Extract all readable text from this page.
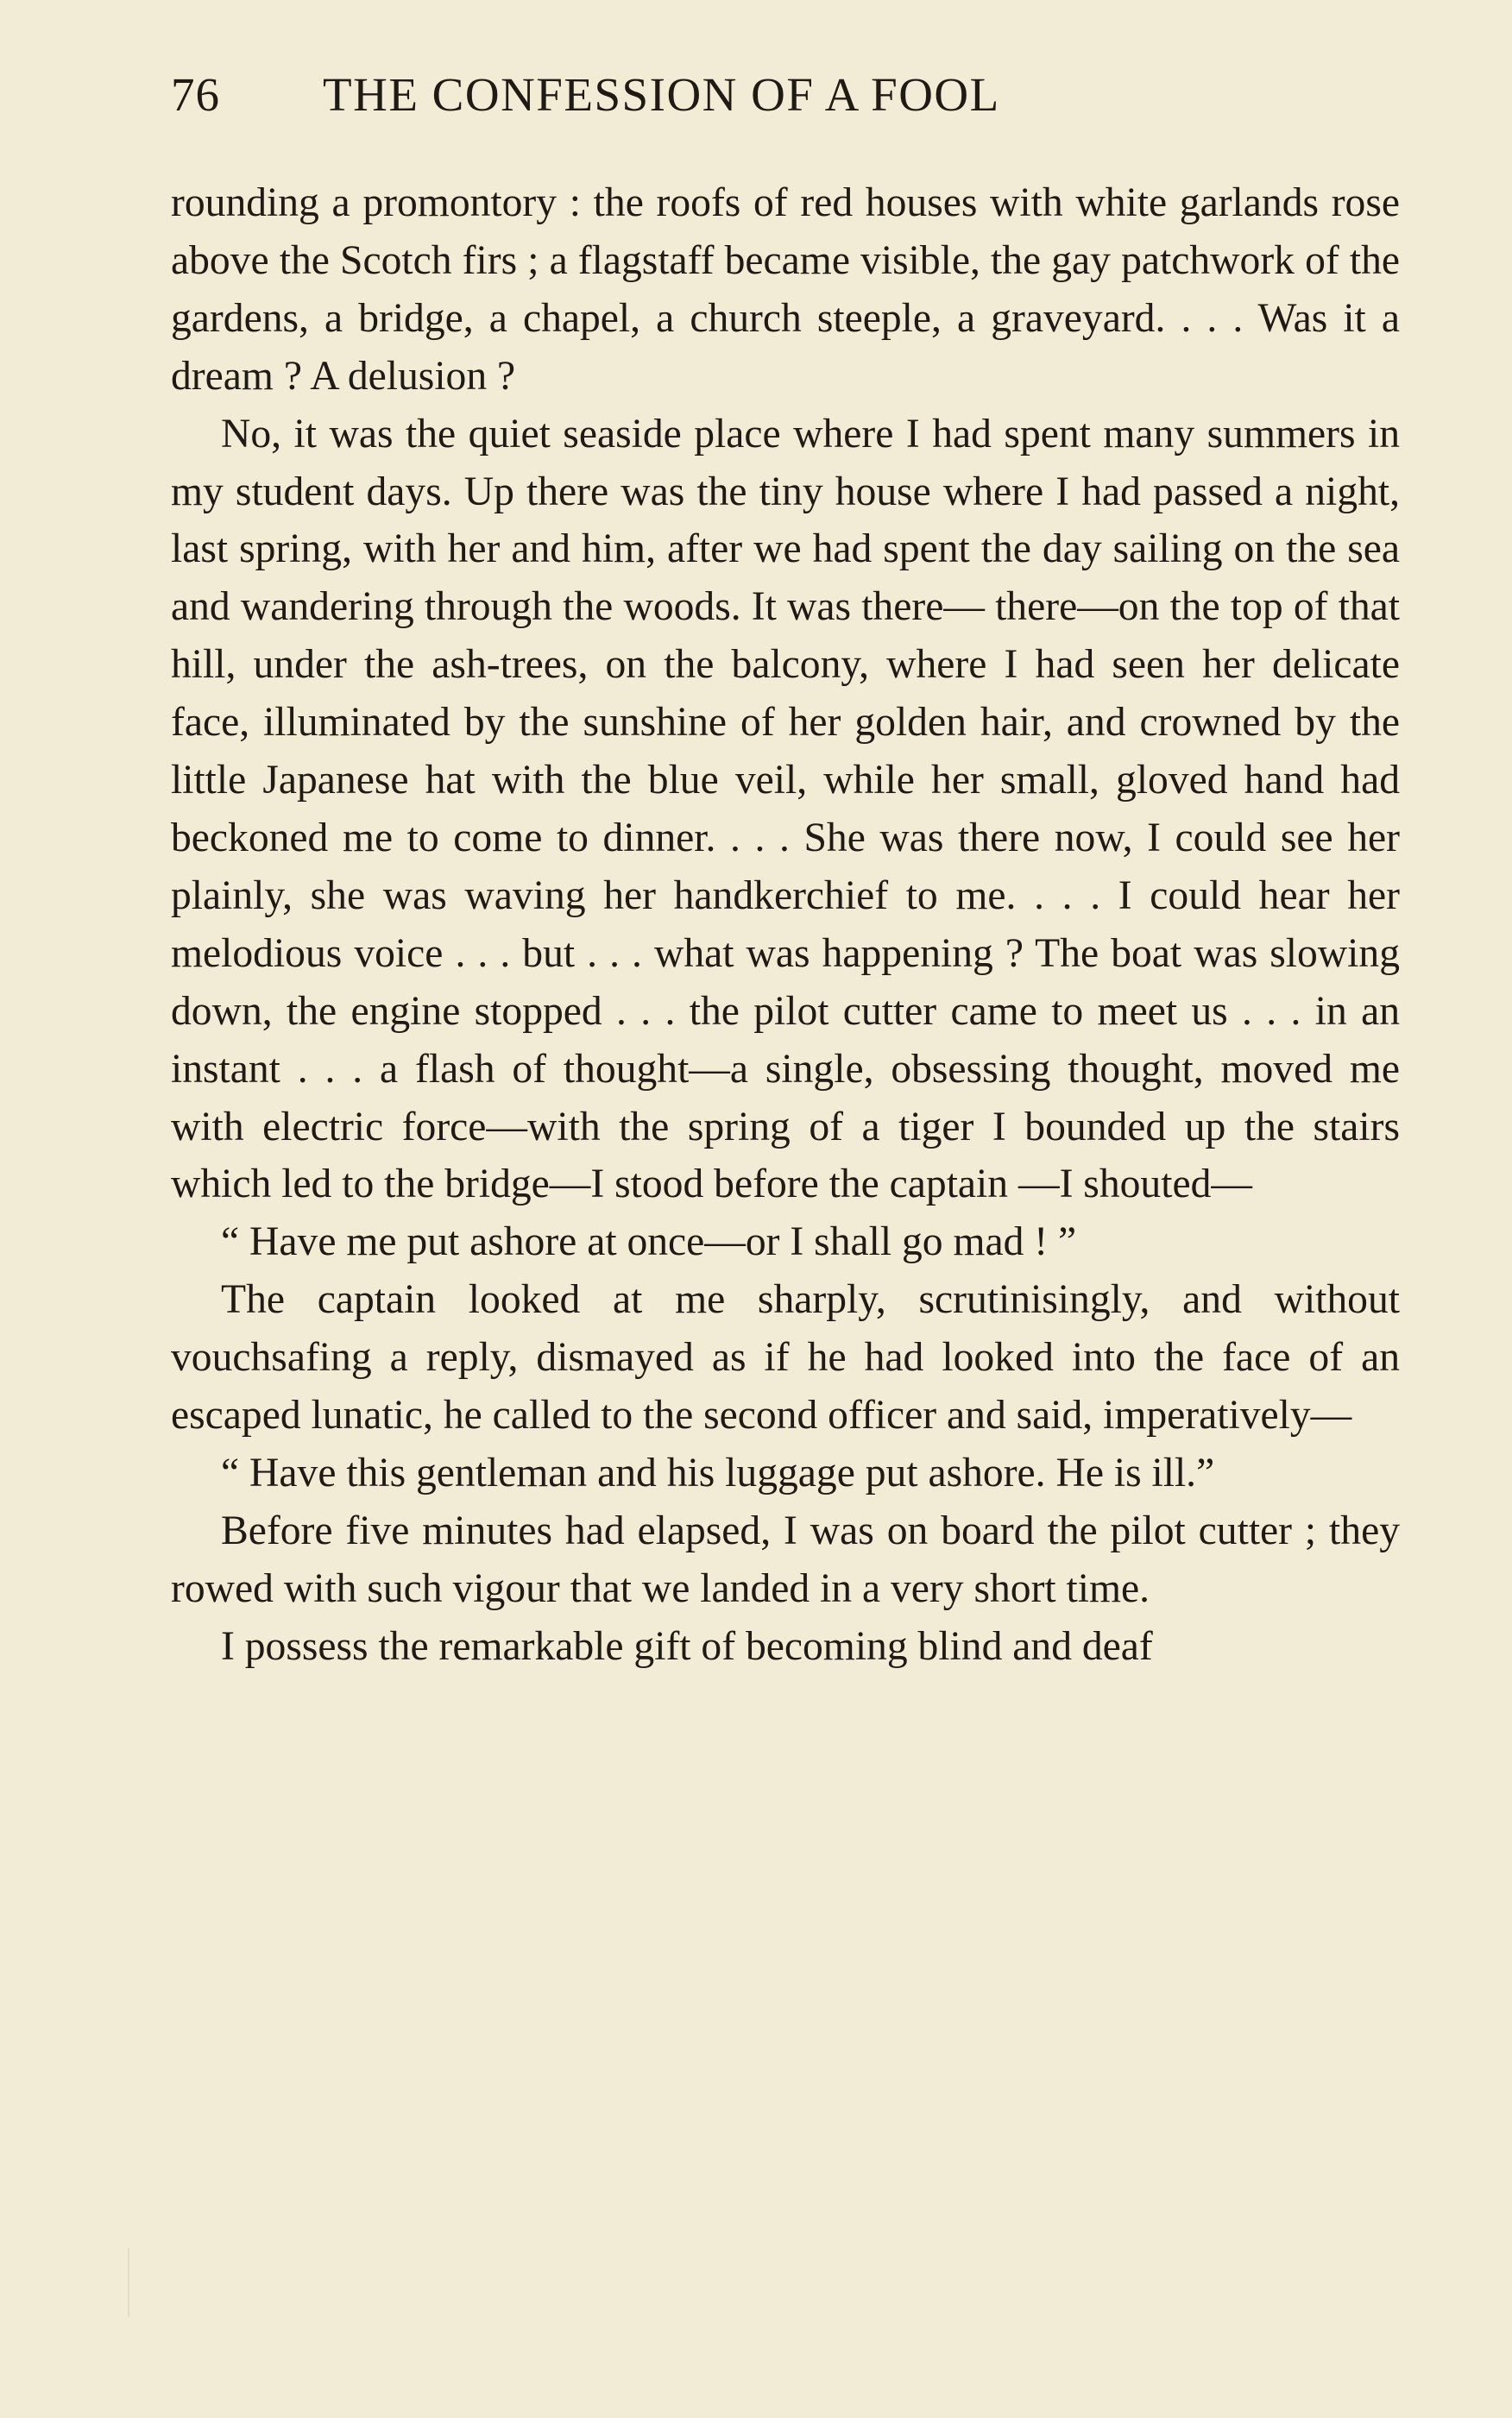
76	THE CONFESSION OF A FOOL

rounding a promontory : the roofs of red houses with white garlands rose above the Scotch firs ; a flagstaff became visible, the gay patchwork of the gardens, a bridge, a chapel, a church steeple, a graveyard. . . . Was it a dream ? A delusion ?

No, it was the quiet seaside place where I had spent many summers in my student days. Up there was the tiny house where I had passed a night, last spring, with her and him, after we had spent the day sailing on the sea and wandering through the woods. It was there— there—on the top of that hill, under the ash-trees, on the balcony, where I had seen her delicate face, illuminated by the sunshine of her golden hair, and crowned by the little Japanese hat with the blue veil, while her small, gloved hand had beckoned me to come to dinner. . . . She was there now, I could see her plainly, she was waving her handkerchief to me. . . . I could hear her melodious voice . . . but . . . what was happening ? The boat was slowing down, the engine stopped . . . the pilot cutter came to meet us . . . in an instant . . . a flash of thought—a single, obsessing thought, moved me with electric force—with the spring of a tiger I bounded up the stairs which led to the bridge—I stood before the captain —I shouted—

“ Have me put ashore at once—or I shall go mad ! ”

The captain looked at me sharply, scrutinisingly, and without vouchsafing a reply, dismayed as if he had looked into the face of an escaped lunatic, he called to the second officer and said, imperatively—

“ Have this gentleman and his luggage put ashore. He is ill.”

Before five minutes had elapsed, I was on board the pilot cutter ; they rowed with such vigour that we landed in a very short time.

I possess the remarkable gift of becoming blind and deaf
